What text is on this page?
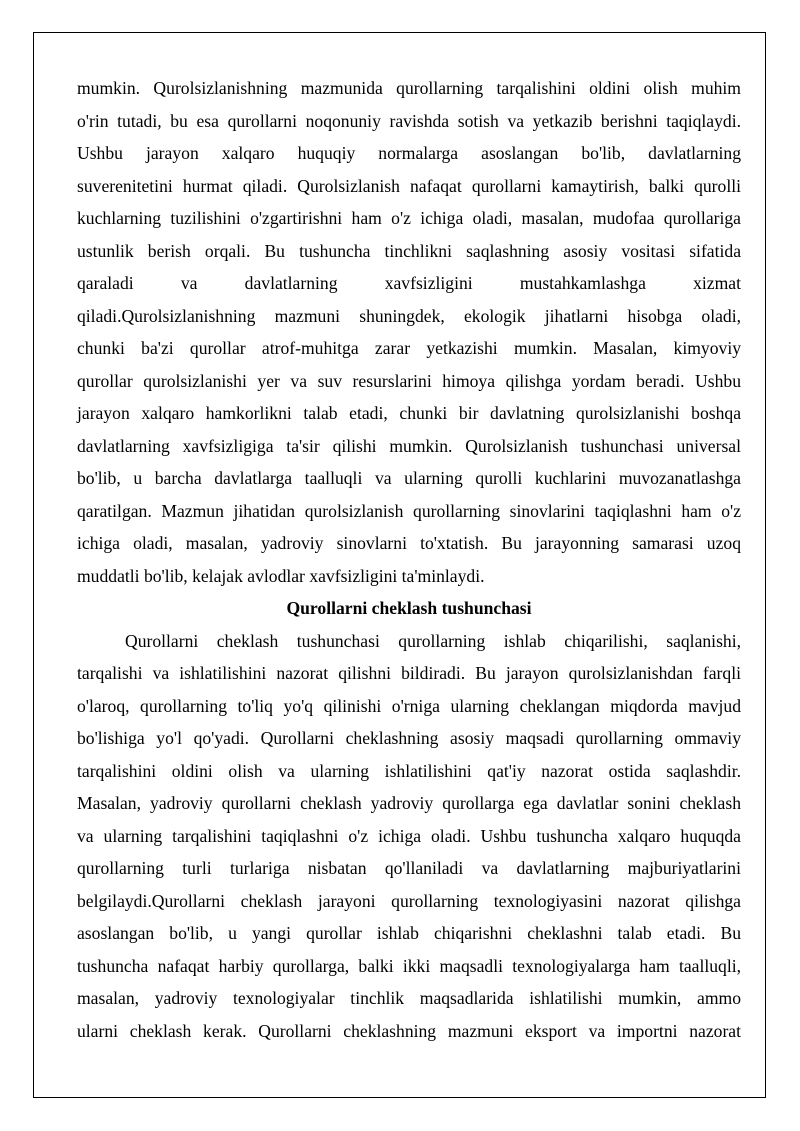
mumkin. Qurolsizlanishning mazmunida qurollarning tarqalishini oldini olish muhim
o'rin tutadi, bu esa qurollarni noqonuniy ravishda sotish va yetkazib berishni taqiqlaydi.
Ushbu jarayon xalqaro huquqiy normalarga asoslangan bo'lib, davlatlarning
suverenitetini hurmat qiladi. Qurolsizlanish nafaqat qurollarni kamaytirish, balki qurolli
kuchlarning tuzilishini o'zgartirishni ham o'z ichiga oladi, masalan, mudofaa qurollariga
ustunlik berish orqali. Bu tushuncha tinchlikni saqlashning asosiy vositasi sifatida
qaraladi va davlatlarning xavfsizligini mustahkamlashga xizmat
qiladi.Qurolsizlanishning mazmuni shuningdek, ekologik jihatlarni hisobga oladi,
chunki ba'zi qurollar atrof-muhitga zarar yetkazishi mumkin. Masalan, kimyoviy
qurollar qurolsizlanishi yer va suv resurslarini himoya qilishga yordam beradi. Ushbu
jarayon xalqaro hamkorlikni talab etadi, chunki bir davlatning qurolsizlanishi boshqa
davlatlarning xavfsizligiga ta'sir qilishi mumkin. Qurolsizlanish tushunchasi universal
bo'lib, u barcha davlatlarga taalluqli va ularning qurolli kuchlarini muvozanatlashga
qaratilgan. Mazmun jihatidan qurolsizlanish qurollarning sinovlarini taqiqlashni ham o'z
ichiga oladi, masalan, yadroviy sinovlarni to'xtatish. Bu jarayonning samarasi uzoq
muddatli bo'lib, kelajak avlodlar xavfsizligini ta'minlaydi.
Qurollarni cheklash tushunchasi
Qurollarni cheklash tushunchasi qurollarning ishlab chiqarilishi, saqlanishi,
tarqalishi va ishlatilishini nazorat qilishni bildiradi. Bu jarayon qurolsizlanishdan farqli
o'laroq, qurollarning to'liq yo'q qilinishi o'rniga ularning cheklangan miqdorda mavjud
bo'lishiga yo'l qo'yadi. Qurollarni cheklashning asosiy maqsadi qurollarning ommaviy
tarqalishini oldini olish va ularning ishlatilishini qat'iy nazorat ostida saqlashdir.
Masalan, yadroviy qurollarni cheklash yadroviy qurollarga ega davlatlar sonini cheklash
va ularning tarqalishini taqiqlashni o'z ichiga oladi. Ushbu tushuncha xalqaro huquqda
qurollarning turli turlariga nisbatan qo'llaniladi va davlatlarning majburiyatlarini
belgilaydi.Qurollarni cheklash jarayoni qurollarning texnologiyasini nazorat qilishga
asoslangan bo'lib, u yangi qurollar ishlab chiqarishni cheklashni talab etadi. Bu
tushuncha nafaqat harbiy qurollarga, balki ikki maqsadli texnologiyalarga ham taalluqli,
masalan, yadroviy texnologiyalar tinchlik maqsadlarida ishlatilishi mumkin, ammo
ularni cheklash kerak. Qurollarni cheklashning mazmuni eksport va importni nazorat
